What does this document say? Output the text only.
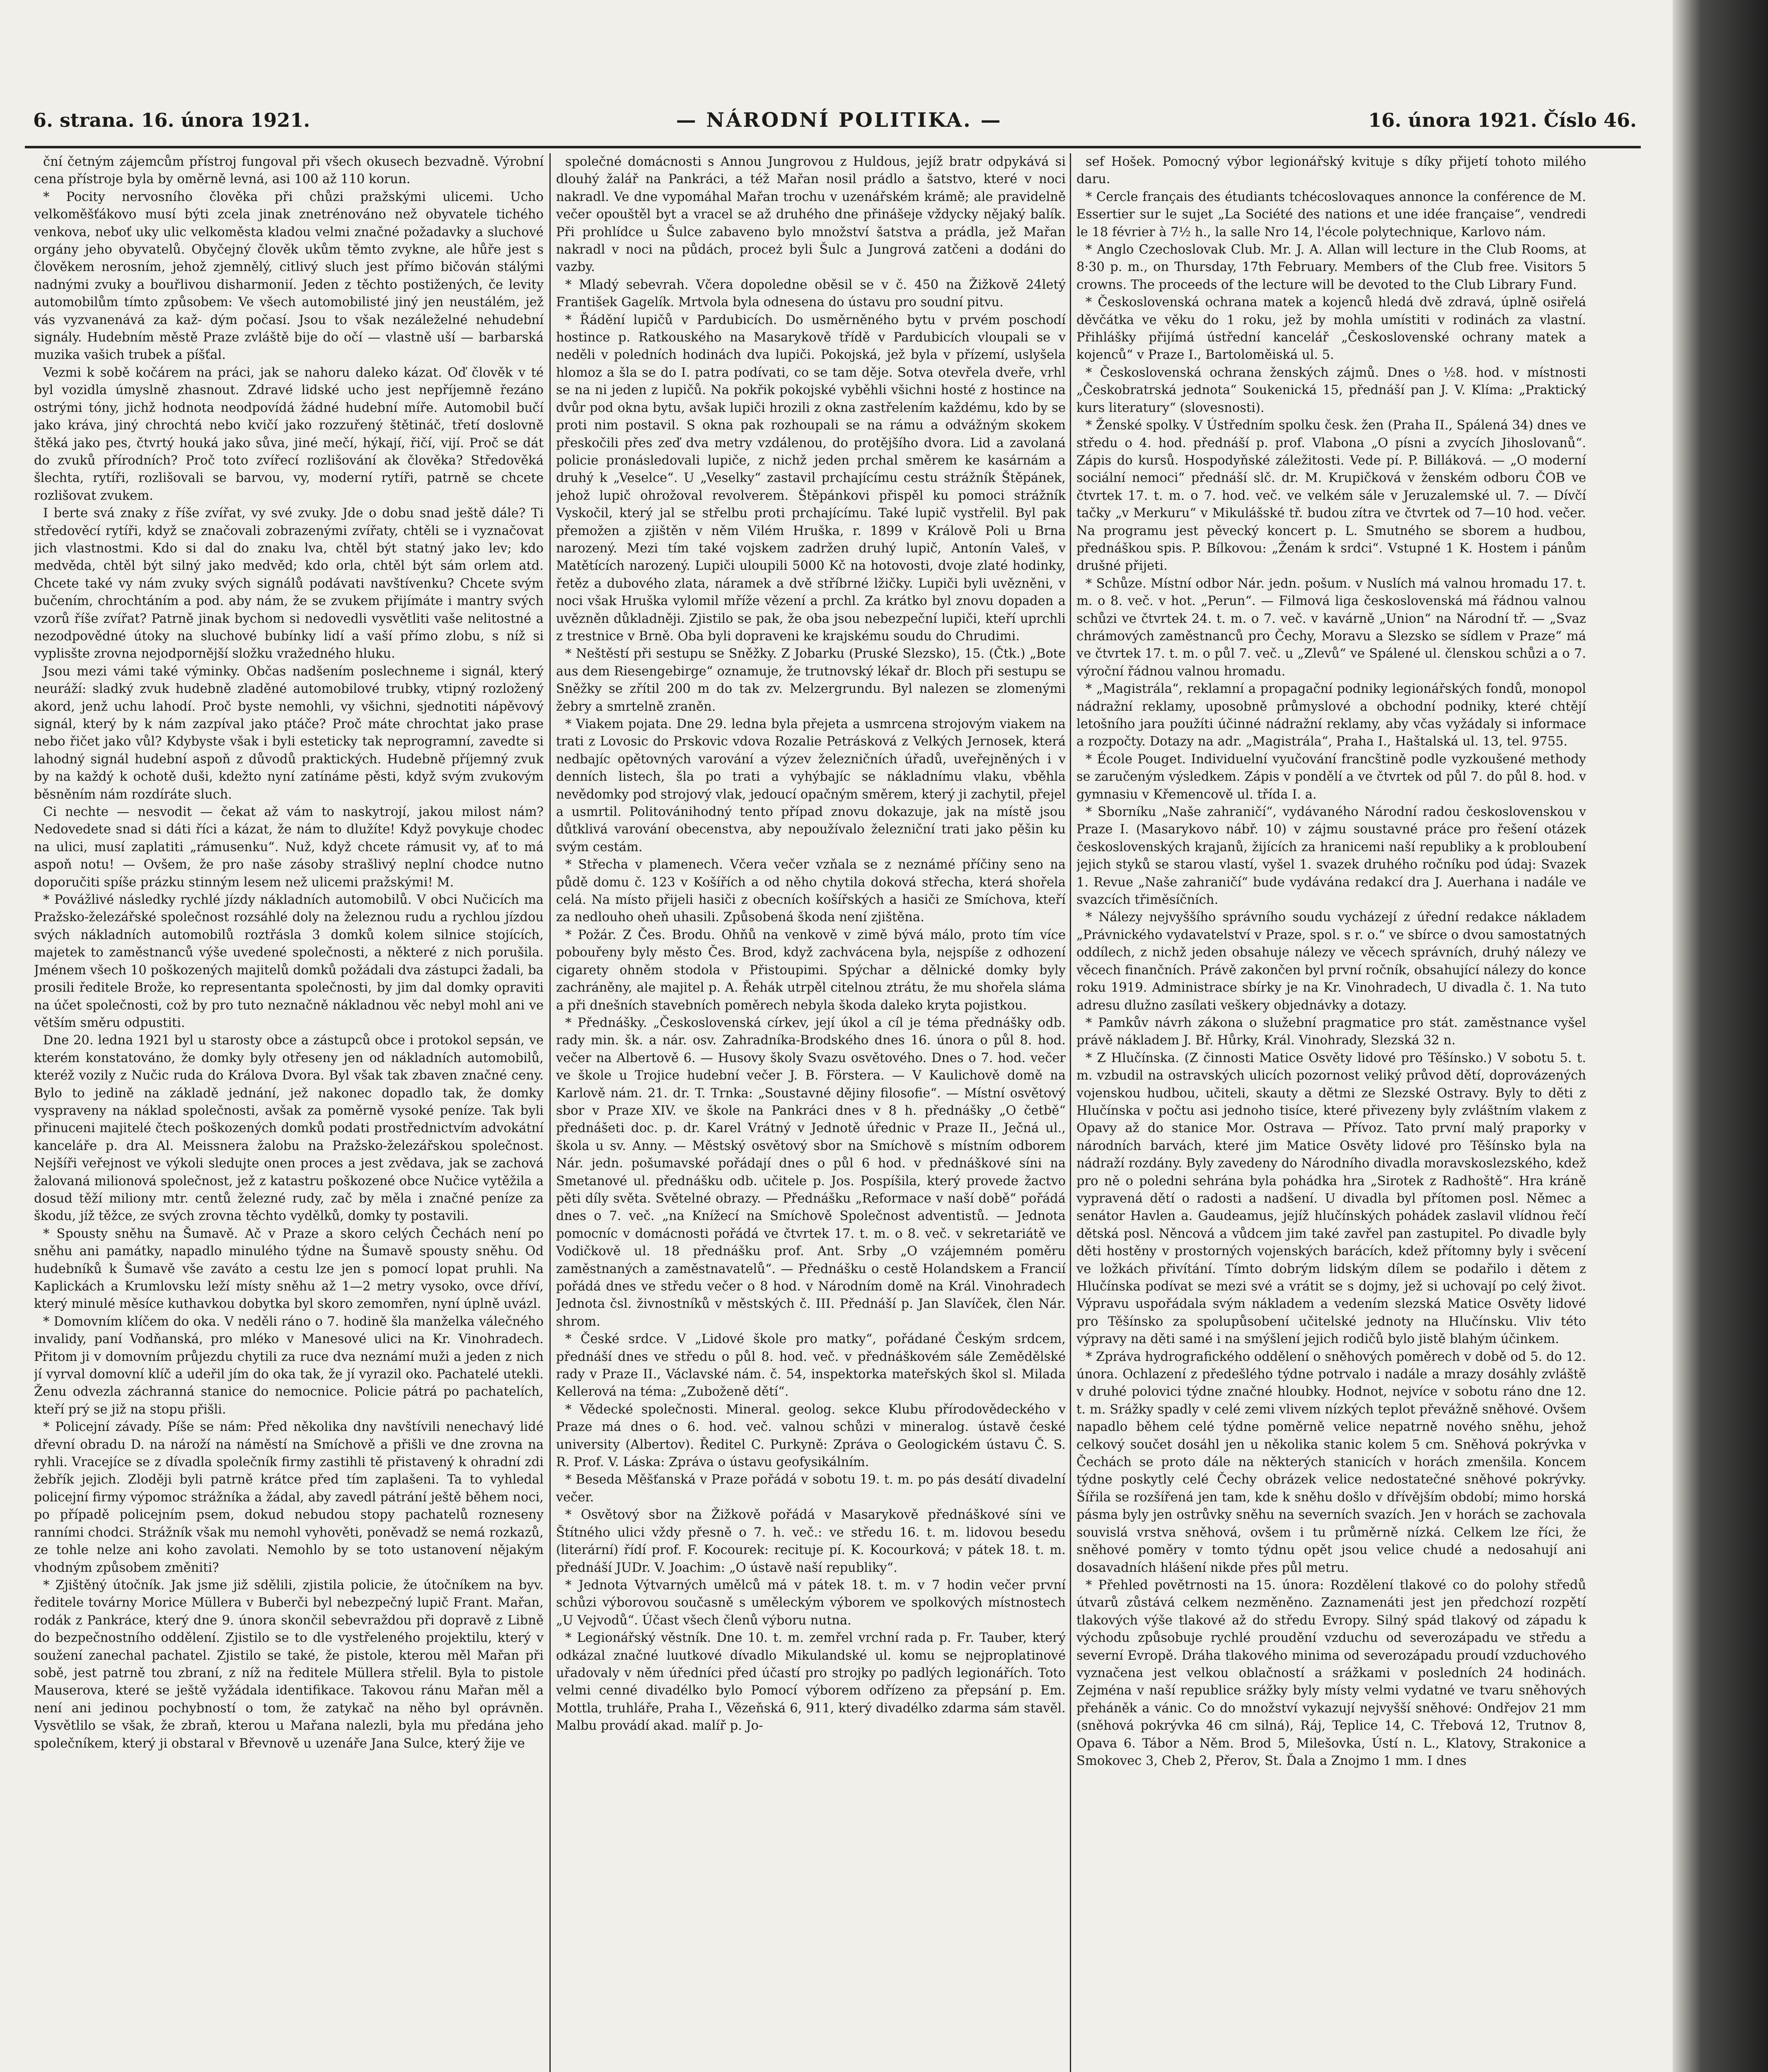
6. strana. 16. února 1921.	— NÁRODNÍ POLITIKA. —	16. února 1921. Číslo 46.

ční četným zájemcům přístroj fungoval při všech okusech bezvadně. Výrobní cena přístroje byla by oměrně levná, asi 100 až 110 korun.

* Pocity nervosního člověka při chůzi pražskými ulicemi. Ucho velkoměšťákovo musí býti zcela jinak znetrénováno než obyvatele tichého venkova, neboť uky ulic velkoměsta kladou velmi značné požadavky a sluchové orgány jeho obyvatelů. Obyčejný člověk ukům těmto zvykne, ale hůře jest s člověkem nerosním, jehož zjemnělý, citlivý sluch jest přímo bičován stálými nadnými zvuky a bouřlivou disharmonií. Jeden z těchto postižených, če levity automobilům tímto způsobem: Ve všech automobilisté jiný jen neustálém, jež vás vyzvanenává za kaž- dým počasí. Jsou to však nezáleželné nehudební signály. Hudebním městě Praze zvláště bije do očí — vlastně uší — barbarská muzika vašich trubek a píšťal.

Vezmi k sobě kočárem na práci, jak se nahoru daleko kázat. Oď člověk v té byl vozidla úmyslně zhasnout. Zdravé lidské ucho jest nepříjemně řezáno ostrými tóny, jichž hodnota neodpovídá žádné hudební míře. Automobil bučí jako kráva, jiný chrochtá nebo kvičí jako rozzuřený štětináč, třetí doslovně štěká jako pes, čtvrtý houká jako sůva, jiné mečí, hýkají, řičí, vijí. Proč se dát do zvuků přírodních? Proč toto zvířecí rozlišování ak člověka? Středověká šlechta, rytíři, rozlišovali se barvou, vy, moderní rytíři, patrně se chcete rozlišovat zvukem.

I berte svá znaky z říše zvířat, vy své zvuky. Jde o dobu snad ještě dále? Ti středověcí rytíři, když se značovali zobrazenými zvířaty, chtěli se i vyznačovat jich vlastnostmi. Kdo si dal do znaku lva, chtěl být statný jako lev; kdo medvěda, chtěl být silný jako medvěd; kdo orla, chtěl být sám orlem atd. Chcete také vy nám zvuky svých signálů podávati navštívenku? Chcete svým bučením, chrochtáním a pod. aby nám, že se zvukem přijímáte i mantry svých vzorů říše zvířat? Patrně jinak bychom si nedovedli vysvětliti vaše nelitostné a nezodpovědné útoky na sluchové bubínky lidí a vaší přímo zlobu, s níž si vyplisšte zrovna nejodpornější složku vražedného hluku.

Jsou mezi vámi také výminky. Občas nadšením poslechneme i signál, který neuráží: sladký zvuk hudebně zladěné automobilové trubky, vtipný rozložený akord, jenž uchu lahodí. Proč byste nemohli, vy všichni, sjednotiti nápěvový signál, který by k nám zazpíval jako ptáče? Proč máte chrochtat jako prase nebo řičet jako vůl? Kdybyste však i byli esteticky tak neprogramní, zavedte si lahodný signál hudební aspoň z důvodů praktických. Hudebně příjemný zvuk by na každý k ochotě duši, kdežto nyní zatínáme pěsti, když svým zvukovým běsněním nám rozdíráte sluch.

Ci nechte — nesvodit — čekat až vám to naskytrojí, jakou milost nám? Nedovedete snad si dáti říci a kázat, že nám to dlužíte! Když povykuje chodec na ulici, musí zaplatiti „rámusenku“. Nuž, když chcete rámusit vy, ať to má aspoň notu! — Ovšem, že pro naše zásoby strašlivý neplní chodce nutno doporučiti spíše prázku stinným lesem než ulicemi pražskými! M.

* Povážlivé následky rychlé jízdy nákladních automobilů. V obci Nučicích ma Pražsko-železářské společnost rozsáhlé doly na železnou rudu a rychlou jízdou svých nákladních automobilů roztřásla 3 domků kolem silnice stojících, majetek to zaměstnanců výše uvedené společnosti, a některé z nich porušila. Jménem všech 10 poškozených majitelů domků požádali dva zástupci žadali, ba prosili ředitele Brože, ko representanta společnosti, by jim dal domky opraviti na účet společnosti, což by pro tuto neznačně nákladnou věc nebyl mohl ani ve větším směru odpustiti.

Dne 20. ledna 1921 byl u starosty obce a zástupců obce i protokol sepsán, ve kterém konstatováno, že domky byly otřeseny jen od nákladních automobilů, kteréž vozily z Nučic ruda do Králova Dvora. Byl však tak zbaven značné ceny. Bylo to jedině na základě jednání, jež nakonec dopadlo tak, že domky vyspraveny na náklad společnosti, avšak za poměrně vysoké peníze. Tak byli přinuceni majitelé čtech poškozených domků podati prostřednictvím advokátní kanceláře p. dra Al. Meissnera žalobu na Pražsko-železářskou společnost. Nejšíři veřejnost ve výkoli sledujte onen proces a jest zvědava, jak se zachová žalovaná milionová společnost, jež z katastru poškozené obce Nučice vytěžila a dosud těží miliony mtr. centů železné rudy, zač by měla i značné peníze za škodu, jíž těžce, ze svých zrovna těchto vydělků, domky ty postavili.

* Spousty sněhu na Šumavě. Ač v Praze a skoro celých Čechách není po sněhu ani památky, napadlo minulého týdne na Šumavě spousty sněhu. Od hudebníků k Šumavě vše zaváto a cestu lze jen s pomocí lopat pruhli. Na Kaplickách a Krumlovsku leží místy sněhu až 1—2 metry vysoko, ovce dříví, který minulé měsíce kuthavkou dobytka byl skoro zemomřen, nyní úplně uvázl.

* Domovním klíčem do oka. V neděli ráno o 7. hodině šla manželka válečného invalidy, paní Vodňanská, pro mléko v Manesové ulici na Kr. Vinohradech. Přitom ji v domovním průjezdu chytili za ruce dva neznámí muži a jeden z nich jí vyrval domovní klíč a udeřil jím do oka tak, že jí vyrazil oko. Pachatelé utekli. Ženu odvezla záchranná stanice do nemocnice. Policie pátrá po pachatelích, kteří prý se již na stopu přišli.

* Policejní závady. Píše se nám: Před několika dny navštívili nenechavý lidé dřevní obradu D. na nároží na náměstí na Smíchově a přišli ve dne zrovna na ryhli. Vracejíce se z dívadla společník firmy zastihli tě přistavený k ohradní zdi žebřík jejich. Zloději byli patrně krátce před tím zaplašeni. Ta to vyhledal policejní firmy výpomoc strážníka a žádal, aby zavedl pátrání ještě během noci, po případě policejním psem, dokud nebudou stopy pachatelů rozneseny ranními chodci. Strážník však mu nemohl vyhověti, poněvadž se nemá rozkazů, ze tohle nelze ani koho zavolati. Nemohlo by se toto ustanovení nějakým vhodným způsobem změniti?

* Zjištěný útočník. Jak jsme již sdělili, zjistila policie, že útočníkem na byv. ředitele továrny Morice Müllera v Buberči byl nebezpečný lupič Frant. Mařan, rodák z Pankráce, který dne 9. února skončil sebevraždou při dopravě z Libně do bezpečnostního oddělení. Zjistilo se to dle vystřeleného projektilu, který v soužení zanechal pachatel. Zjistilo se také, že pistole, kterou měl Mařan při sobě, jest patrně tou zbraní, z níž na ředitele Müllera střelil. Byla to pistole Mauserova, které se ještě vyžádala identifikace. Takovou ránu Mařan měl a není ani jedinou pochybností o tom, že zatykač na něho byl oprávněn. Vysvětlilo se však, že zbraň, kterou u Mařana nalezli, byla mu předána jeho společníkem, který ji obstaral v Břevnově u uzenáře Jana Sulce, který žije ve

společné domácnosti s Annou Jungrovou z Huldous, jejíž bratr odpykává si dlouhý žalář na Pankráci, a též Mařan nosil prádlo a šatstvo, které v noci nakradl. Ve dne vypomáhal Mařan trochu v uzenářském krámě; ale pravidelně večer opouštěl byt a vracel se až druhého dne přinášeje vždycky nějaký balík. Při prohlídce u Šulce zabaveno bylo množství šatstva a prádla, jež Mařan nakradl v noci na půdách, proceż byli Šulc a Jungrová zatčeni a dodáni do vazby.

* Mladý sebevrah. Včera dopoledne oběsil se v č. 450 na Žižkově 24letý František Gagelík. Mrtvola byla odnesena do ústavu pro soudní pitvu.

* Řádění lupičů v Pardubicích. Do usměrněného bytu v prvém poschodí hostince p. Ratkouského na Masarykově třídě v Pardubicích vloupali se v neděli v poledních hodinách dva lupiči. Pokojská, jež byla v přízemí, uslyšela hlomoz a šla se do I. patra podívati, co se tam děje. Sotva otevřela dveře, vrhl se na ni jeden z lupičů. Na pokřik pokojské vyběhli všichni hosté z hostince na dvůr pod okna bytu, avšak lupiči hrozili z okna zastřelením každému, kdo by se proti nim postavil. S okna pak rozhoupali se na rámu a odvážným skokem přeskočili přes zeď dva metry vzdálenou, do protějšího dvora. Lid a zavolaná policie pronásledovali lupiče, z nichž jeden prchal směrem ke kasárnám a druhý k „Veselce“. U „Veselky“ zastavil prchajícímu cestu strážník Štěpánek, jehož lupič ohrožoval revolverem. Štěpánkovi přispěl ku pomoci strážník Vyskočil, který jal se střelbu proti prchajícímu. Také lupič vystřelil. Byl pak přemožen a zjištěn v něm Vilém Hruška, r. 1899 v Králově Poli u Brna narozený. Mezi tím také vojskem zadržen druhý lupič, Antonín Valeš, v Matětících narozený. Lupiči uloupili 5000 Kč na hotovosti, dvoje zlaté hodinky, řetěz a dubového zlata, náramek a dvě stříbrné lžičky. Lupiči byli uvězněni, v noci však Hruška vylomil mříže vězení a prchl. Za krátko byl znovu dopaden a uvězněn důkladněji. Zjistilo se pak, že oba jsou nebezpeční lupiči, kteří uprchli z trestnice v Brně. Oba byli dopraveni ke krajskému soudu do Chrudimi.

* Neštěstí při sestupu se Sněžky. Z Jobarku (Pruské Slezsko), 15. (Čtk.) „Bote aus dem Riesengebirge“ oznamuje, že trutnovský lékař dr. Bloch při sestupu se Sněžky se zřítil 200 m do tak zv. Melzergrundu. Byl nalezen se zlomenými žebry a smrtelně zraněn.

* Viakem pojata. Dne 29. ledna byla přejeta a usmrcena strojovým viakem na trati z Lovosic do Prskovic vdova Rozalie Petrásková z Velkých Jernosek, která nedbajíc opětovných varování a výzev železničních úřadů, uveřejněných i v denních listech, šla po trati a vyhýbajíc se nákladnímu vlaku, vběhla nevědomky pod strojový vlak, jedoucí opačným směrem, který ji zachytil, přejel a usmrtil. Politovánihodný tento případ znovu dokazuje, jak na místě jsou důtklivá varování obecenstva, aby nepoužívalo železniční trati jako pěšin ku svým cestám.

* Střecha v plamenech. Včera večer vzňala se z neznámé příčiny seno na půdě domu č. 123 v Košířích a od něho chytila doková střecha, která shořela celá. Na místo přijeli hasiči z obecních košířských a hasiči ze Smíchova, kteří za nedlouho oheň uhasili. Způsobená škoda není zjištěna.

* Požár. Z Čes. Brodu. Ohňů na venkově v zimě bývá málo, proto tím více pobouřeny byly město Čes. Brod, když zachvácena byla, nejspíše z odhození cigarety ohněm stodola v Přistoupimi. Spýchar a dělnické domky byly zachráněny, ale majitel p. A. Řehák utrpěl citelnou ztrátu, že mu shořela sláma a při dnešních stavebních poměrech nebyla škoda daleko kryta pojistkou.

* Přednášky. „Československá církev, její úkol a cíl je téma přednášky odb. rady min. šk. a nár. osv. Zahradníka-Brodského dnes 16. února o půl 8. hod. večer na Albertově 6. — Husovy školy Svazu osvětového. Dnes o 7. hod. večer ve škole u Trojice hudební večer J. B. Förstera. — V Kaulichově domě na Karlově nám. 21. dr. T. Trnka: „Soustavné dějiny filosofie“. — Místní osvětový sbor v Praze XIV. ve škole na Pankráci dnes v 8 h. přednášky „O četbě“ přednášeti doc. p. dr. Karel Vrátný v Jednotě úřednic v Praze II., Ječná ul., škola u sv. Anny. — Městský osvětový sbor na Smíchově s místním odborem Nár. jedn. pošumavské pořádají dnes o půl 6 hod. v přednáškové síni na Smetanové ul. přednášku odb. učitele p. Jos. Pospíšila, který provede žactvo pěti díly světa. Světelné obrazy. — Přednášku „Reformace v naší době“ pořádá dnes o 7. več. „na Knížecí na Smíchově Společnost adventistů. — Jednota pomocníc v domácnosti pořádá ve čtvrtek 17. t. m. o 8. več. v sekretariátě ve Vodičkově ul. 18 přednášku prof. Ant. Srby „O vzájemném poměru zaměstnaných a zaměstnavatelů“. — Přednášku o cestě Holandskem a Francií pořádá dnes ve středu večer o 8 hod. v Národním domě na Král. Vinohradech Jednota čsl. živnostníků v městských č. III. Přednáší p. Jan Slavíček, člen Nár. shrom.

* České srdce. V „Lidové škole pro matky“, pořádané Českým srdcem, přednáší dnes ve středu o půl 8. hod. več. v přednáškovém sále Zemědělské rady v Praze II., Václavské nám. č. 54, inspektorka mateřských škol sl. Milada Kellerová na téma: „Zuboženě dětí“.

* Vědecké společnosti. Mineral. geolog. sekce Klubu přírodovědeckého v Praze má dnes o 6. hod. več. valnou schůzi v mineralog. ústavě české university (Albertov). Ředitel C. Purkyně: Zpráva o Geologickém ústavu Č. S. R. Prof. V. Láska: Zpráva o ústavu geofysikálním.

* Beseda Měšťanská v Praze pořádá v sobotu 19. t. m. po pás desátí divadelní večer.

* Osvětový sbor na Žižkově pořádá v Masarykově přednáškové síni ve Štítného ulici vždy přesně o 7. h. več.: ve středu 16. t. m. lidovou besedu (literární) řídí prof. F. Kocourek: recituje pí. K. Kocourková; v pátek 18. t. m. přednáší JUDr. V. Joachim: „O ústavě naší republiky“.

* Jednota Výtvarných umělců má v pátek 18. t. m. v 7 hodin večer první schůzi výborovou současně s uměleckým výborem ve spolkových místnostech „U Vejvodů“. Účast všech členů výboru nutna.

* Legionářský věstník. Dne 10. t. m. zemřel vrchní rada p. Fr. Tauber, který odkázal značné luutkové dívadlo Mikulandské ul. komu se nejproplatinové uřadovaly v něm úředníci před účastí pro strojky po padlých legionářích. Toto velmi cenné divadélko bylo Pomocí výborem odřízeno za přepsání p. Em. Mottla, truhláře, Praha I., Vězeňská 6, 911, který divadélko zdarma sám stavěl. Malbu provádí akad. malíř p. Jo-

sef Hošek. Pomocný výbor legionářský kvituje s díky přijetí tohoto milého daru.

* Cercle français des étudiants tchécoslovaques annonce la conférence de M. Essertier sur le sujet „La Société des nations et une idée française“, vendredi le 18 février à 7½ h., la salle Nro 14, l'école polytechnique, Karlovo nám.

* Anglo Czechoslovak Club. Mr. J. A. Allan will lecture in the Club Rooms, at 8·30 p. m., on Thursday, 17th February. Members of the Club free. Visitors 5 crowns. The proceeds of the lecture will be devoted to the Club Library Fund.

* Československá ochrana matek a kojenců hledá dvě zdravá, úplně osiřelá děvčátka ve věku do 1 roku, jež by mohla umístiti v rodinách za vlastní. Přihlášky přijímá ústřední kancelář „Československé ochrany matek a kojenců“ v Praze I., Bartoloměiská ul. 5.

* Československá ochrana ženských zájmů. Dnes o ½8. hod. v místnosti „Českobratrská jednota“ Soukenická 15, přednáší pan J. V. Klíma: „Praktický kurs literatury“ (slovesnosti).

* Ženské spolky. V Ústředním spolku česk. žen (Praha II., Spálená 34) dnes ve středu o 4. hod. přednáší p. prof. Vlabona „O písni a zvycích Jihoslovanů“. Zápis do kursů. Hospodyňské záležitosti. Vede pí. P. Billáková. — „O moderní sociální nemoci“ přednáší slč. dr. M. Krupičková v ženském odboru ČOB ve čtvrtek 17. t. m. o 7. hod. več. ve velkém sále v Jeruzalemské ul. 7. — Dívčí tačky „v Merkuru“ v Mikulášské tř. budou zítra ve čtvrtek od 7—10 hod. večer. Na programu jest pěvecký koncert p. L. Smutného se sborem a hudbou, přednáškou spis. P. Bílkovou: „Ženám k srdci“. Vstupné 1 K. Hostem i pánům drušné přijeti.

* Schůze. Místní odbor Nár. jedn. pošum. v Nuslích má valnou hromadu 17. t. m. o 8. več. v hot. „Perun“. — Filmová liga československá má řádnou valnou schůzi ve čtvrtek 24. t. m. o 7. več. v kavárně „Union“ na Národní tř. — „Svaz chrámových zaměstnanců pro Čechy, Moravu a Slezsko se sídlem v Praze“ má ve čtvrtek 17. t. m. o půl 7. več. u „Zlevů“ ve Spálené ul. členskou schůzi a o 7. výroční řádnou valnou hromadu.

* „Magistrála“, reklamní a propagační podniky legionářských fondů, monopol nádražní reklamy, uposobně průmyslové a obchodní podniky, které chtějí letošního jara použíti účinné nádražní reklamy, aby včas vyžádaly si informace a rozpočty. Dotazy na adr. „Magistrála“, Praha I., Haštalská ul. 13, tel. 9755.

* École Pouget. Individuelní vyučování francštině podle vyzkoušené methody se zaručeným výsledkem. Zápis v pondělí a ve čtvrtek od půl 7. do půl 8. hod. v gymnasiu v Křemencově ul. třída I. a.

* Sborníku „Naše zahraničí“, vydávaného Národní radou československou v Praze I. (Masarykovo nábř. 10) v zájmu soustavné práce pro řešení otázek československých krajanů, žijících za hranicemi naší republiky a k probloubení jejich styků se starou vlastí, vyšel 1. svazek druhého ročníku pod údaj: Svazek 1. Revue „Naše zahraničí“ bude vydávána redakcí dra J. Auerhana i nadále ve svazcích třiměsíčních.

* Nálezy nejvyššího správního soudu vycházejí z úřední redakce nákladem „Právnického vydavatelství v Praze, spol. s r. o.“ ve sbírce o dvou samostatných oddílech, z nichž jeden obsahuje nálezy ve věcech správních, druhý nálezy ve věcech finančních. Právě zakončen byl první ročník, obsahující nálezy do konce roku 1919. Administrace sbírky je na Kr. Vinohradech, U divadla č. 1. Na tuto adresu dlužno zasílati veškery objednávky a dotazy.

* Pamkův návrh zákona o služební pragmatice pro stát. zaměstnance vyšel právě nákladem J. Bř. Hůrky, Král. Vinohrady, Slezská 32 n.

* Z Hlučínska. (Z činnosti Matice Osvěty lidové pro Těšínsko.) V sobotu 5. t. m. vzbudil na ostravských ulicích pozornost veliký průvod dětí, doprovázených vojenskou hudbou, učiteli, skauty a dětmi ze Slezské Ostravy. Byly to děti z Hlučínska v počtu asi jednoho tisíce, které přivezeny byly zvláštním vlakem z Opavy až do stanice Mor. Ostrava — Přívoz. Tato první malý praporky v národních barvách, které jim Matice Osvěty lidové pro Těšínsko byla na nádraží rozdány. Byly zavedeny do Národního divadla moravskoslezského, kdež pro ně o poledni sehrána byla pohádka hra „Sirotek z Radhoště“. Hra kráně vypravená dětí o radosti a nadšení. U divadla byl přítomen posl. Němec a senátor Havlen a. Gaudeamus, jejíž hlučínských pohádek zaslavil vlídnou řečí dětská posl. Něncová a vůdcem jim také zavřel pan zastupitel. Po divadle byly děti hostěny v prostorných vojenských barácích, kdež přítomny byly i svěcení ve ložkách přivítání. Tímto dobrým lidským dílem se podařilo i dětem z Hlučínska podívat se mezi své a vrátit se s dojmy, jež si uchovají po celý život. Výpravu uspořádala svým nákladem a vedením slezská Matice Osvěty lidové pro Těšínsko za spolupůsobení učitelské jednoty na Hlučínsku. Vliv této výpravy na děti samé i na smýšlení jejich rodičů bylo jistě blahým účinkem.

* Zpráva hydrografického oddělení o sněhových poměrech v době od 5. do 12. února. Ochlazení z předešlého týdne potrvalo i nadále a mrazy dosáhly zvláště v druhé polovici týdne značné hloubky. Hodnot, nejvíce v sobotu ráno dne 12. t. m. Srážky spadly v celé zemi vlivem nízkých teplot převážně sněhové. Ovšem napadlo během celé týdne poměrně velice nepatrně nového sněhu, jehož celkový součet dosáhl jen u několika stanic kolem 5 cm. Sněhová pokrývka v Čechách se proto dále na některých stanicích v horách zmenšila. Koncem týdne poskytly celé Čechy obrázek velice nedostatečné sněhové pokrývky. Šířila se rozšířená jen tam, kde k sněhu došlo v dřívějším období; mimo horská pásma byly jen ostrůvky sněhu na severních svazích. Jen v horách se zachovala souvislá vrstva sněhová, ovšem i tu průměrně nízká. Celkem lze říci, že sněhové poměry v tomto týdnu opět jsou velice chudé a nedosahují ani dosavadních hlášení nikde přes půl metru.

* Přehled povětrnosti na 15. února: Rozdělení tlakové co do polohy středů útvarů zůstává celkem nezměněno. Zaznamenáti jest jen předchozí rozpětí tlakových výše tlakové až do středu Evropy. Silný spád tlakový od západu k východu způsobuje rychlé proudění vzduchu od severozápadu ve středu a severní Evropě. Dráha tlakového minima od severozápadu proudí vzduchového vyznačena jest velkou oblačností a srážkami v posledních 24 hodinách. Zejména v naší republice srážky byly místy velmi vydatné ve tvaru sněhových přeháněk a vánic. Co do množství vykazují nejvyšší sněhové: Ondřejov 21 mm (sněhová pokrývka 46 cm silná), Ráj, Teplice 14, C. Třebová 12, Trutnov 8, Opava 6. Tábor a Něm. Brod 5, Milešovka, Ústí n. L., Klatovy, Strakonice a Smokovec 3, Cheb 2, Přerov, St. Ďala a Znojmo 1 mm. I dnes
